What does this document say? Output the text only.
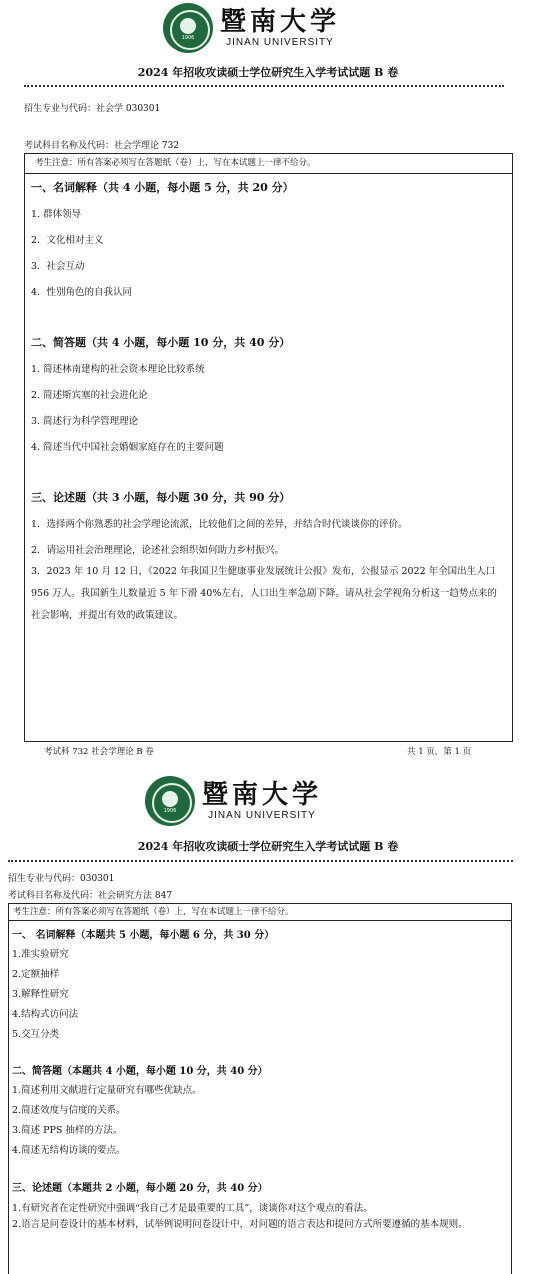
1906
暨南大学
JINAN UNIVERSITY
2024 年招收攻读硕士学位研究生入学考试试题 B 卷
招生专业与代码：社会学 030301
考试科目名称及代码：社会学理论 732
考生注意：所有答案必须写在答题纸（卷）上，写在本试题上一律不给分。
一、名词解释（共 4 小题，每小题 5 分，共 20 分）
1. 群体领导
2．文化相对主义
3．社会互动
4．性别角色的自我认同
二、简答题（共 4 小题，每小题 10 分，共 40 分）
1. 简述林南建构的社会资本理论比较系统
2. 简述斯宾塞的社会进化论
3. 简述行为科学管理理论
4. 简述当代中国社会婚姻家庭存在的主要问题
三、论述题（共 3 小题，每小题 30 分，共 90 分）
1．选择两个你熟悉的社会学理论流派，比较他们之间的差异，并结合时代谈谈你的评价。
2．请运用社会治理理论，论述社会组织如何助力乡村振兴。
3．2023 年 10 月 12 日，《2022 年我国卫生健康事业发展统计公报》发布，公报显示 2022 年全国出生人口 956 万人。我国新生儿数量近 5 年下滑 40%左右，人口出生率急剧下降。请从社会学视角分析这一趋势点来的社会影响，并提出有效的政策建议。
考试科 732 社会学理论 B 卷	共 1 页，第 1 页
1906
暨南大学
JINAN UNIVERSITY
2024 年招收攻读硕士学位研究生入学考试试题 B 卷
招生专业与代码：030301
考试科目名称及代码：社会研究方法 847
考生注意：所有答案必须写在答题纸（卷）上，写在本试题上一律不给分。
一、 名词解释（本题共 5 小题，每小题 6 分，共 30 分）
1.准实验研究
2.定额抽样
3.解释性研究
4.结构式访问法
5.交互分类
二、简答题（本题共 4 小题，每小题 10 分，共 40 分）
1.简述利用文献进行定量研究有哪些优缺点。
2.简述效度与信度的关系。
3.简述 PPS 抽样的方法。
4.简述无结构访谈的要点。
三、论述题（本题共 2 小题，每小题 20 分，共 40 分）
1.有研究者在定性研究中强调“我自己才是最重要的工具”，谈谈你对这个观点的看法。
2.语言是问卷设计的基本材料，试举例说明问卷设计中，对问题的语言表达和提问方式所要遵循的基本规则。
